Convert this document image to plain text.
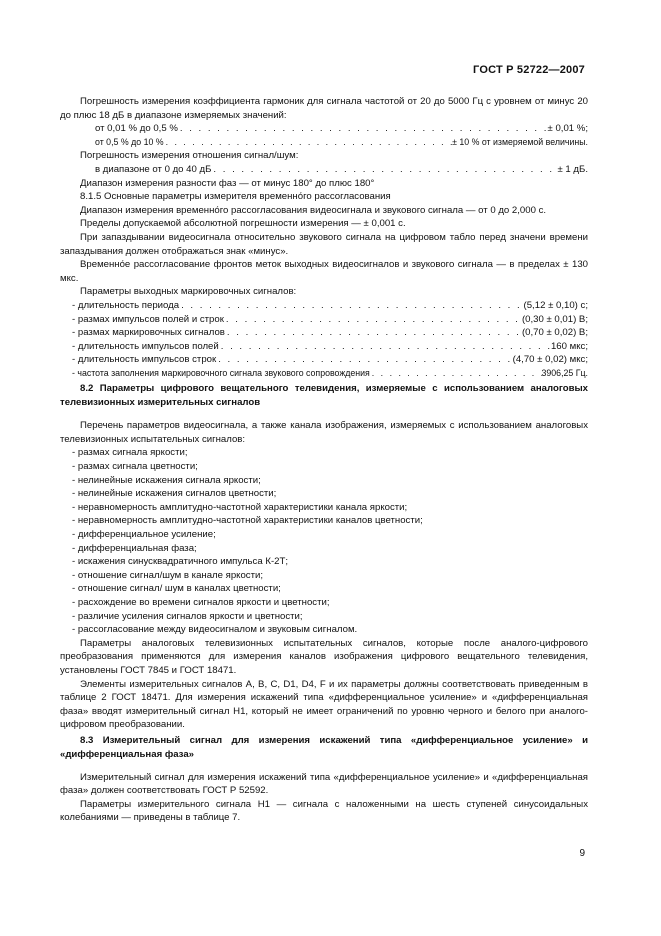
ГОСТ Р 52722—2007

Погрешность измерения коэффициента гармоник для сигнала частотой от 20 до 5000 Гц с уровнем от минус 20 до плюс 18 дБ в диапазоне измеряемых значений:

от 0,01 % до 0,5 % . . .	± 0,01 %;
от 0,5 % до 10 % . . .	± 10 % от измеряемой величины.

Погрешность измерения отношения сигнал/шум:

в диапазоне от 0 до 40 дБ . . .	± 1 дБ.

Диапазон измерения разности фаз — от минус 180° до плюс 180°

8.1.5 Основные параметры измерителя временно́го рассогласования

Диапазон измерения временно́го рассогласования видеосигнала и звукового сигнала — от 0 до 2,000 с.

Пределы допускаемой абсолютной погрешности измерения — ± 0,001 с.

При запаздывании видеосигнала относительно звукового сигнала на цифровом табло перед значени времени запаздывания должен отображаться знак «минус».

Временно́е рассогласование фронтов меток выходных видеосигналов и звукового сигнала — в пределах ± 130 мкс.

Параметры выходных маркировочных сигналов:

- длительность периода . . .	(5,12 ± 0,10) с;
- размах импульсов полей и строк . . .	(0,30 ± 0,01) В;
- размах маркировочных сигналов . . .	(0,70 ± 0,02) В;
- длительность импульсов полей . . .	160 мкс;
- длительность импульсов строк . . .	(4,70 ± 0,02) мкс;
- частота заполнения маркировочного сигнала звукового сопровождения . . .	3906,25 Гц.

8.2 Параметры цифрового вещательного телевидения, измеряемые с использованием аналоговых телевизионных измерительных сигналов

Перечень параметров видеосигнала, а также канала изображения, измеряемых с использованием аналоговых телевизионных испытательных сигналов:

- размах сигнала яркости;
- размах сигнала цветности;
- нелинейные искажения сигнала яркости;
- нелинейные искажения сигналов цветности;
- неравномерность амплитудно-частотной характеристики канала яркости;
- неравномерность амплитудно-частотной характеристики каналов цветности;
- дифференциальное усиление;
- дифференциальная фаза;
- искажения синусквадратичного импульса К-2Т;
- отношение сигнал/шум в канале яркости;
- отношение сигнал/ шум в каналах цветности;
- расхождение во времени сигналов яркости и цветности;
- различие усиления сигналов яркости и цветности;
- рассогласование между видеосигналом и звуковым сигналом.

Параметры аналоговых телевизионных испытательных сигналов, которые после аналого-цифрового преобразования применяются для измерения каналов изображения цифрового вещательного телевидения, установлены ГОСТ 7845 и ГОСТ 18471.

Элементы измерительных сигналов А, В, С, D1, D4, F и их параметры должны соответствовать приведенным в таблице 2 ГОСТ 18471. Для измерения искажений типа «дифференциальное усиление» и «дифференциальная фаза» вводят измерительный сигнал Н1, который не имеет ограничений по уровню черного и белого при аналого-цифровом преобразовании.

8.3 Измерительный сигнал для измерения искажений типа «дифференциальное усиление» и «дифференциальная фаза»

Измерительный сигнал для измерения искажений типа «дифференциальное усиление» и «дифференциальная фаза» должен соответствовать ГОСТ Р 52592.

Параметры измерительного сигнала Н1 — сигнала с наложенными на шесть ступеней синусоидальных колебаниями — приведены в таблице 7.

9
